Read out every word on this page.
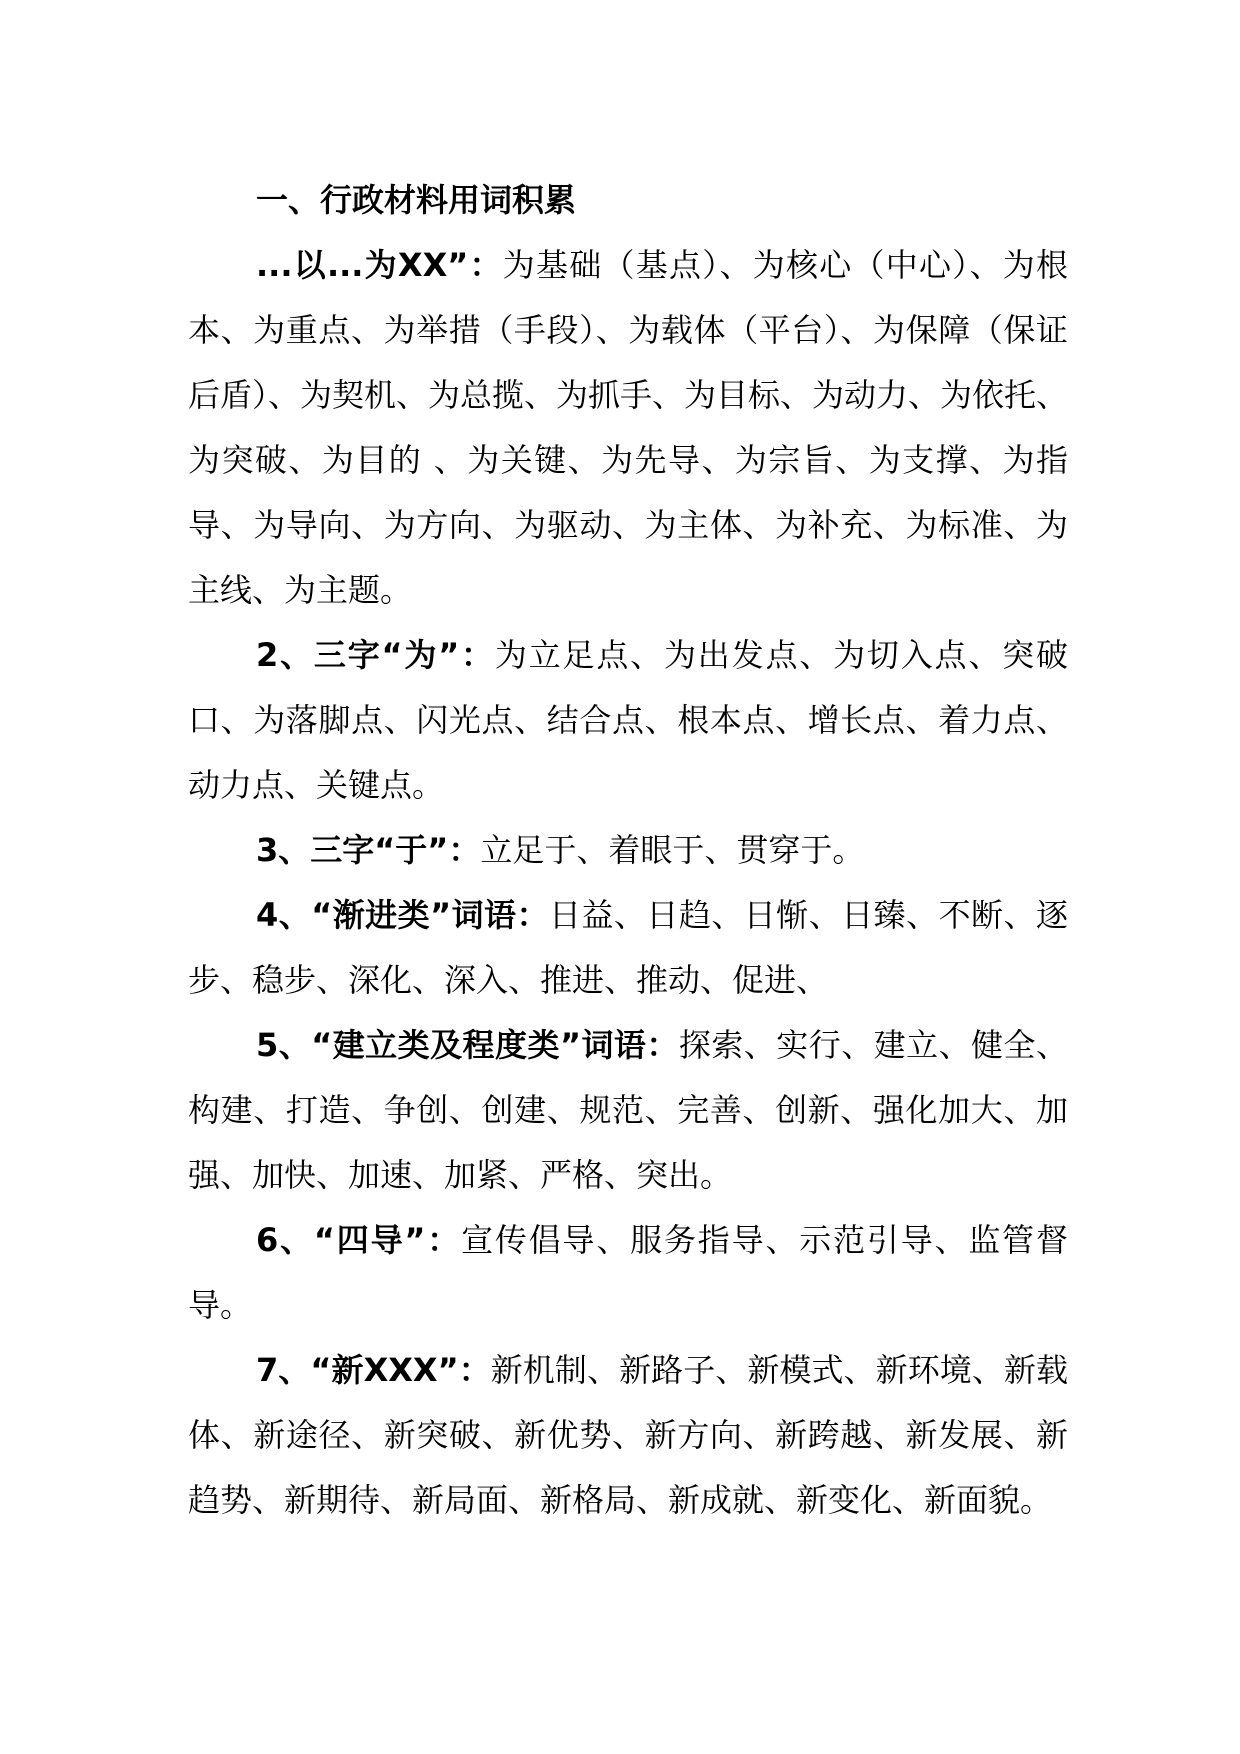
一、行政材料用词积累

...以...为XX”：为基础（基点）、为核心（中心）、为根本、为重点、为举措（手段）、为载体（平台）、为保障（保证后盾）、为契机、为总揽、为抓手、为目标、为动力、为依托、为突破、为目的 、为关键、为先导、为宗旨、为支撑、为指导、为导向、为方向、为驱动、为主体、为补充、为标准、为主线、为主题。

2、三字“为”：为立足点、为出发点、为切入点、突破口、为落脚点、闪光点、结合点、根本点、增长点、着力点、动力点、关键点。

3、三字“于”：立足于、着眼于、贯穿于。

4、“渐进类”词语：日益、日趋、日惭、日臻、不断、逐步、稳步、深化、深入、推进、推动、促进、

5、“建立类及程度类”词语：探索、实行、建立、健全、构建、打造、争创、创建、规范、完善、创新、强化加大、加强、加快、加速、加紧、严格、突出。

6、“四导”：宣传倡导、服务指导、示范引导、监管督导。

7、“新XXX”：新机制、新路子、新模式、新环境、新载体、新途径、新突破、新优势、新方向、新跨越、新发展、新趋势、新期待、新局面、新格局、新成就、新变化、新面貌。
